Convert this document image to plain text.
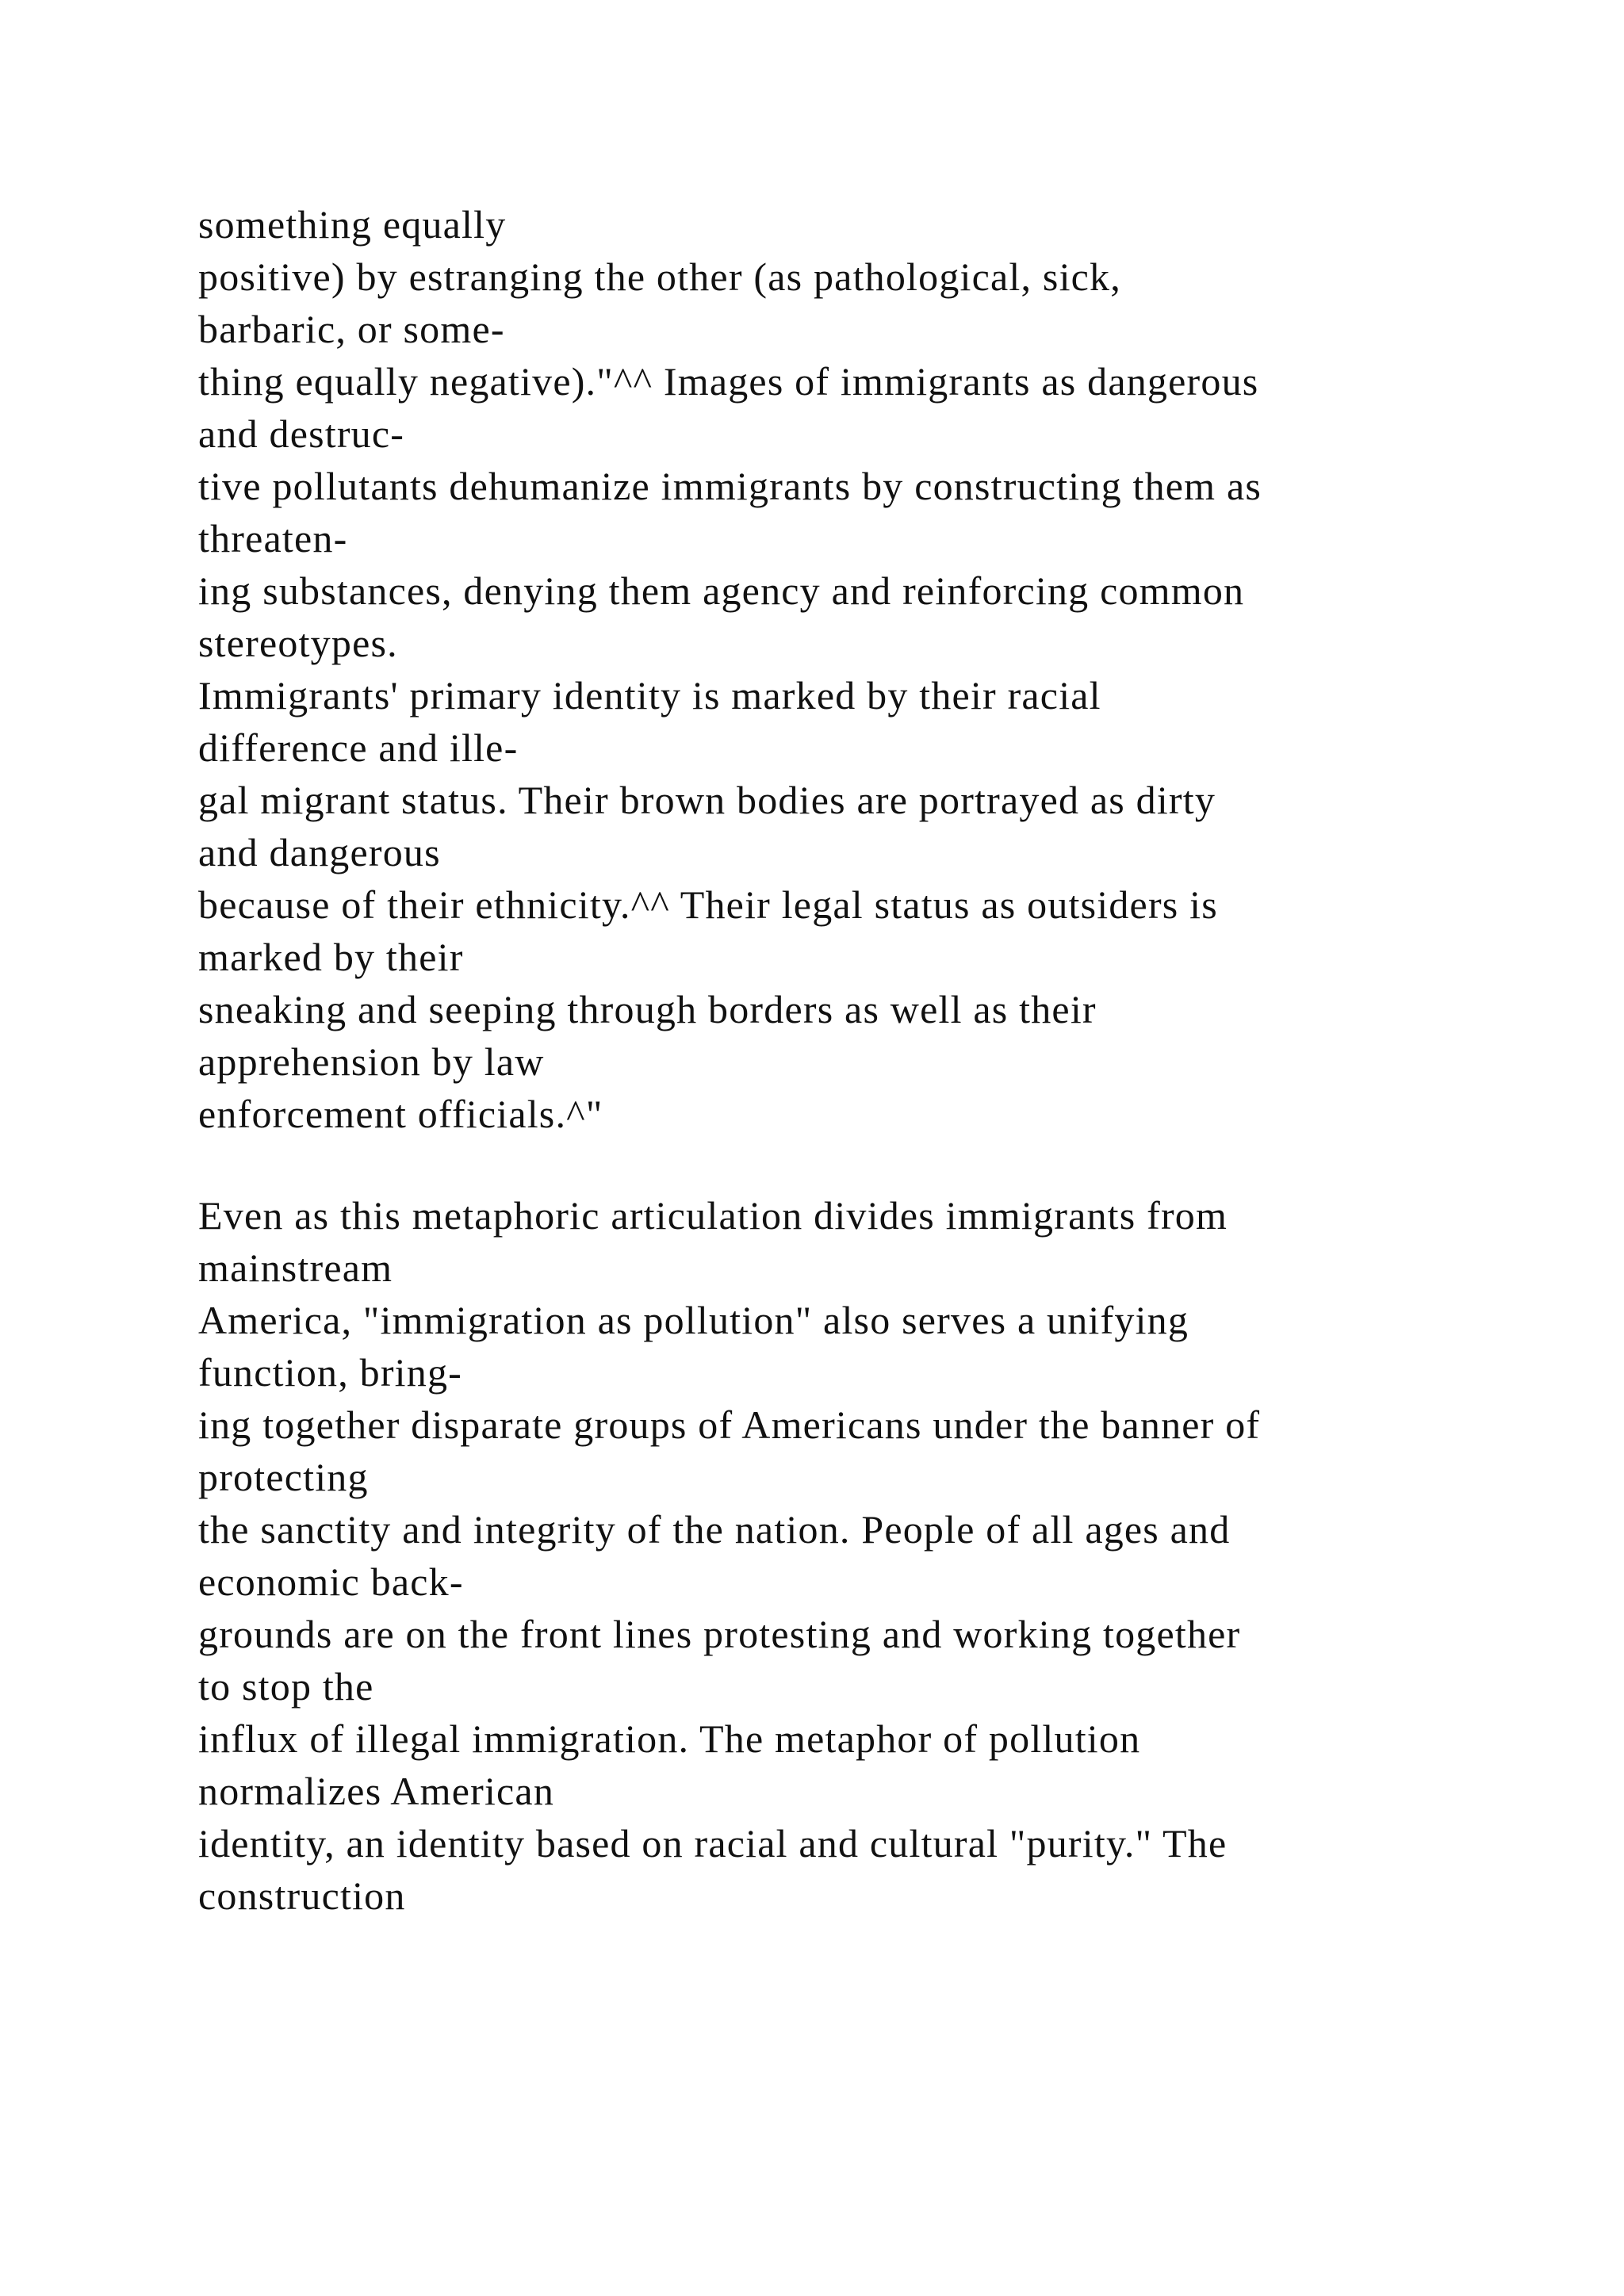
something equally
positive) by estranging the other (as pathological, sick,
barbaric, or some-
thing equally negative)."^^ Images of immigrants as dangerous
and destruc-
tive pollutants dehumanize immigrants by constructing them as
threaten-
ing substances, denying them agency and reinforcing common
stereotypes.
Immigrants' primary identity is marked by their racial
difference and ille-
gal migrant status. Their brown bodies are portrayed as dirty
and dangerous
because of their ethnicity.^^ Their legal status as outsiders is
marked by their
sneaking and seeping through borders as well as their
apprehension by law
enforcement officials.^"
Even as this metaphoric articulation divides immigrants from
mainstream
America, "immigration as pollution" also serves a unifying
function, bring-
ing together disparate groups of Americans under the banner of
protecting
the sanctity and integrity of the nation. People of all ages and
economic back-
grounds are on the front lines protesting and working together
to stop the
influx of illegal immigration. The metaphor of pollution
normalizes American
identity, an identity based on racial and cultural "purity." The
construction
